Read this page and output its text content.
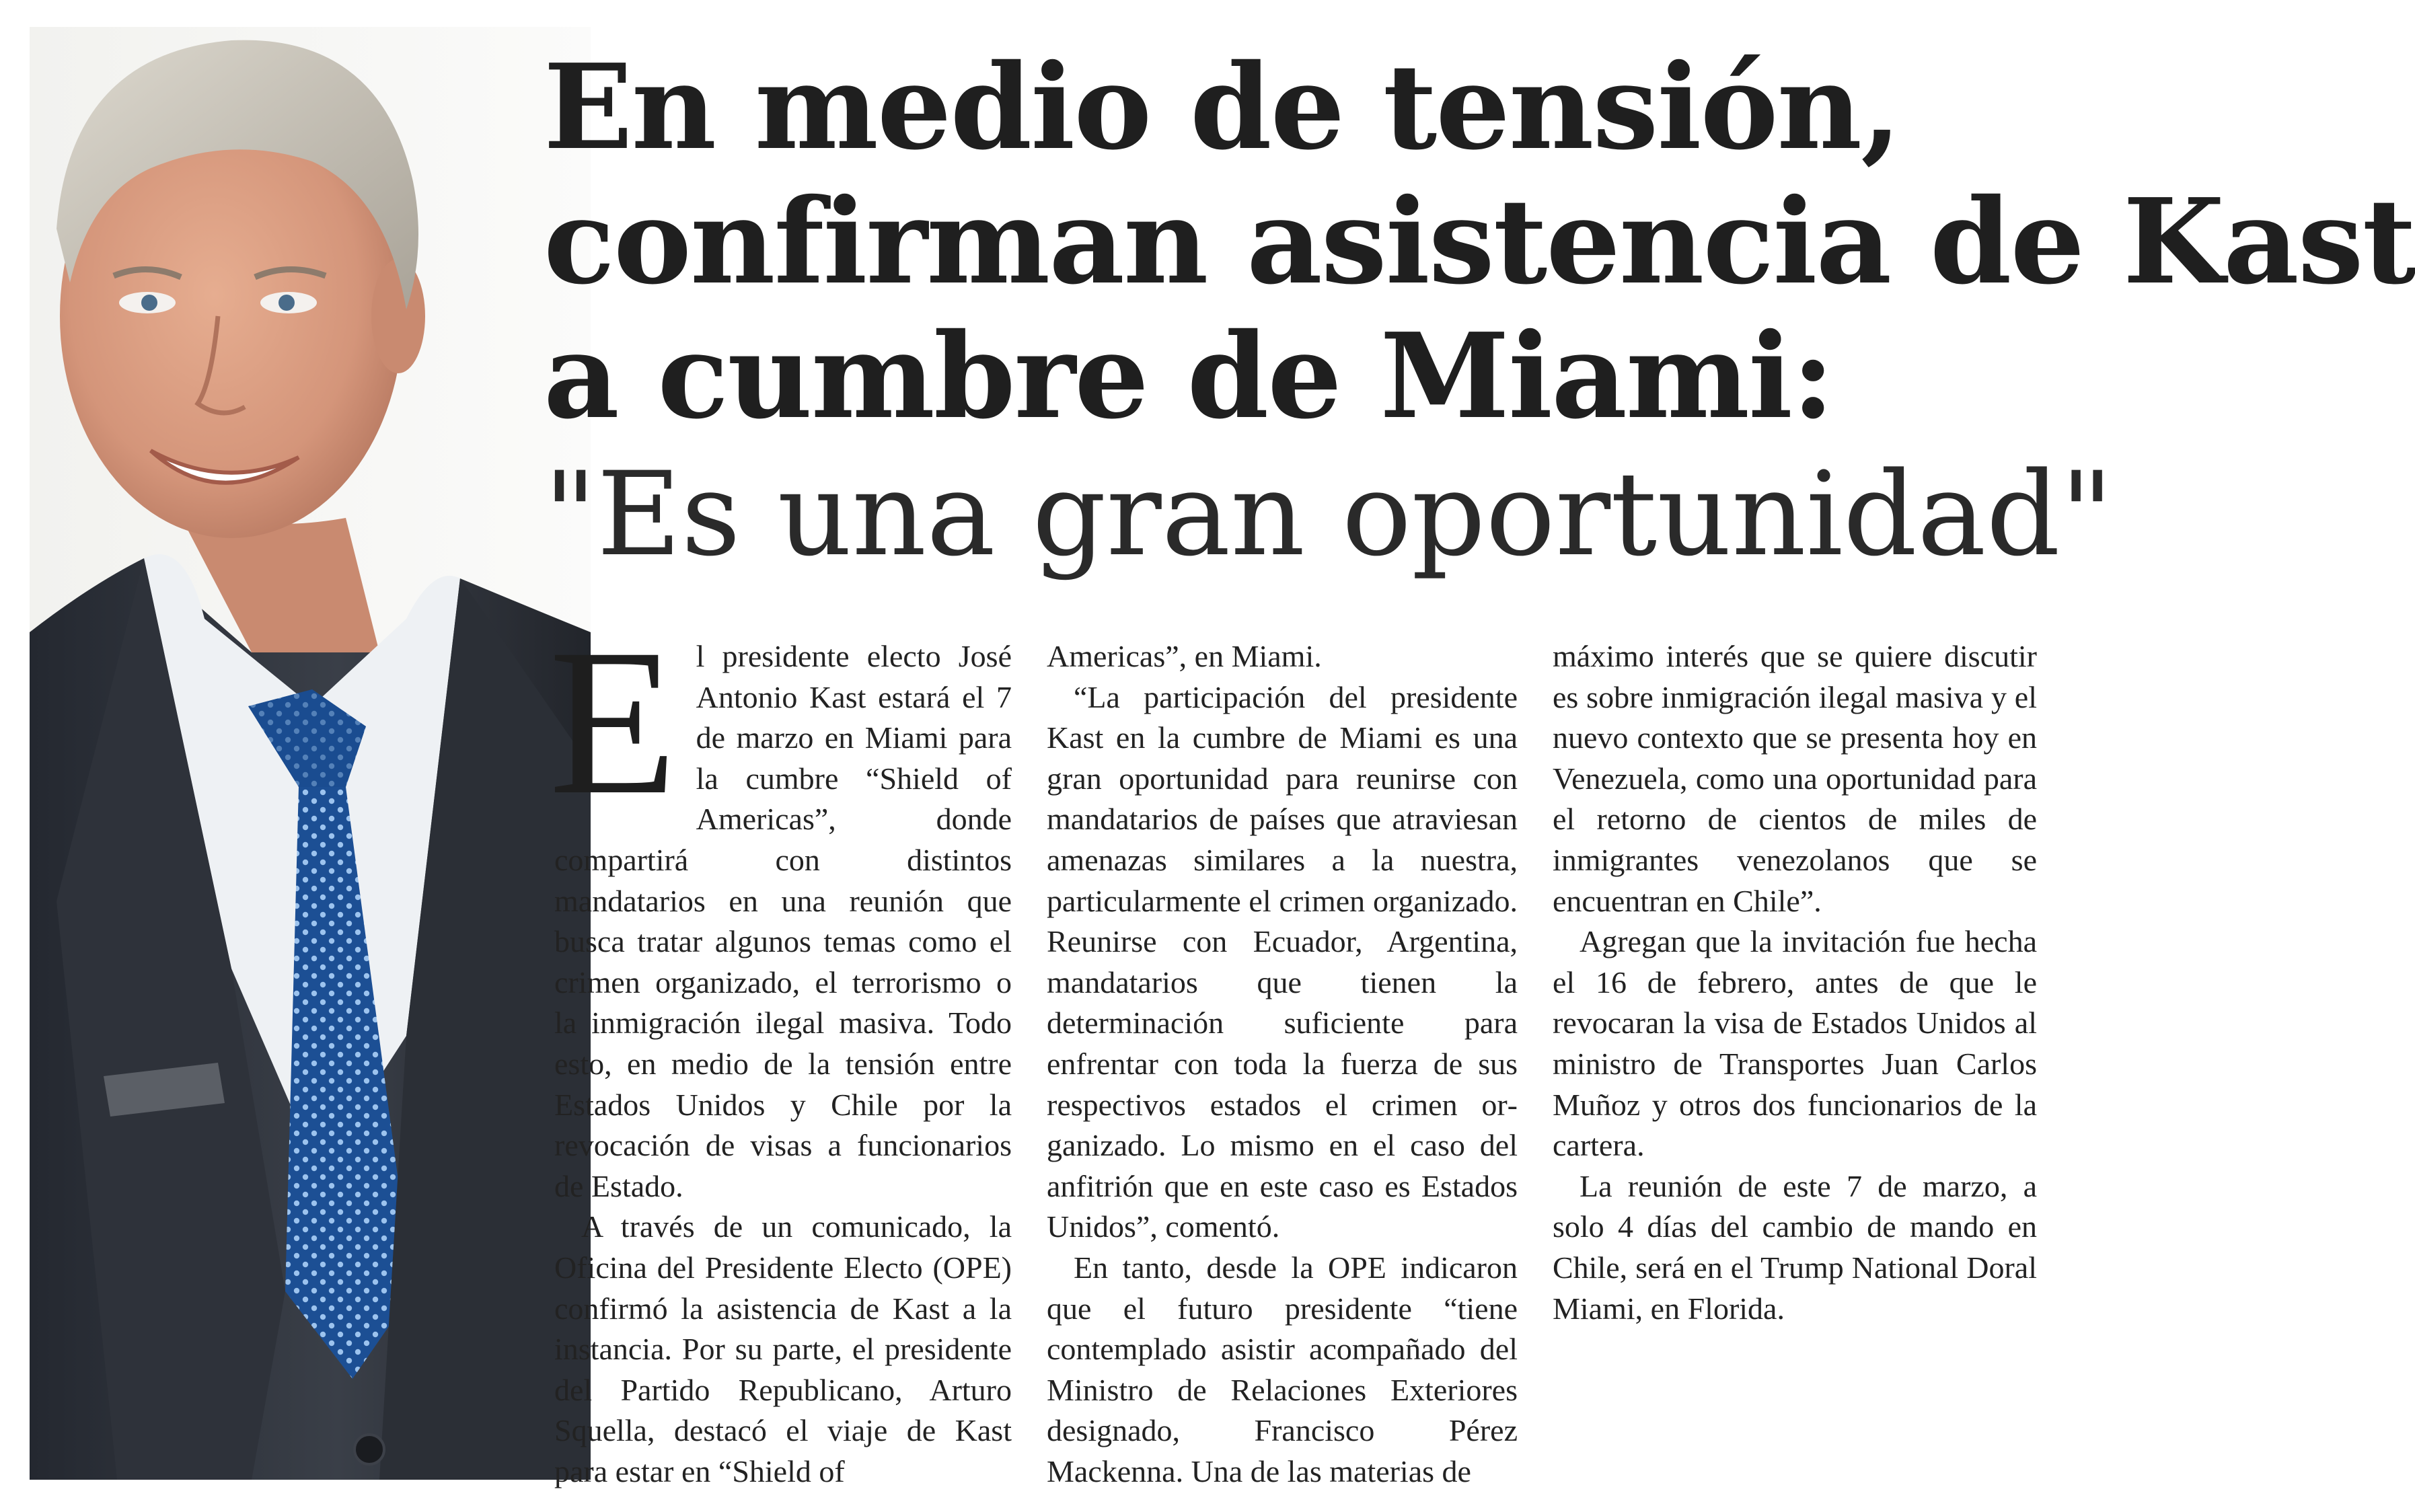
En medio de tensión,
confirman asistencia de Kast
a cumbre de Miami:
"Es una gran oportunidad"
E l presidente electo José Antonio Kast estará el 7 de marzo en Miami para la cumbre “Shield of Americas”, donde compartirá con distintos mandatarios en una reunión que busca tratar algunos temas como el crimen organizado, el terrorismo o la inmigración ilegal masiva. Todo esto, en medio de la tensión entre Estados Unidos y Chile por la revocación de visas a funcionarios de Estado.

A través de un comunicado, la Oficina del Presidente Electo (OPE) confirmó la asistencia de Kast a la instancia. Por su parte, el presidente del Partido Republicano, Arturo Squella, destacó el viaje de Kast para estar en “Shield of

Americas”, en Miami.

“La participación del presidente Kast en la cumbre de Miami es una gran oportunidad para reunirse con mandatarios de países que atraviesan amenazas similares a la nuestra, particularmente el crimen organizado. Reunirse con Ecuador, Argentina, mandatarios que tienen la determinación suficiente para enfrentar con toda la fuerza de sus respectivos estados el crimen organizado. Lo mismo en el caso del anfitrión que en este caso es Estados Unidos”, comentó.

En tanto, desde la OPE indicaron que el futuro presidente “tiene contemplado asistir acompañado del Ministro de Relaciones Exteriores designado, Francisco Pérez Mackenna. Una de las materias de

máximo interés que se quiere discutir es sobre inmigración ilegal masiva y el nuevo contexto que se presenta hoy en Venezuela, como una oportunidad para el retorno de cientos de miles de inmigrantes venezolanos que se encuentran en Chile”.

Agregan que la invitación fue hecha el 16 de febrero, antes de que le revocaran la visa de Estados Unidos al ministro de Transportes Juan Carlos Muñoz y otros dos funcionarios de la cartera.

La reunión de este 7 de marzo, a solo 4 días del cambio de mando en Chile, será en el Trump National Doral Miami, en Florida.
